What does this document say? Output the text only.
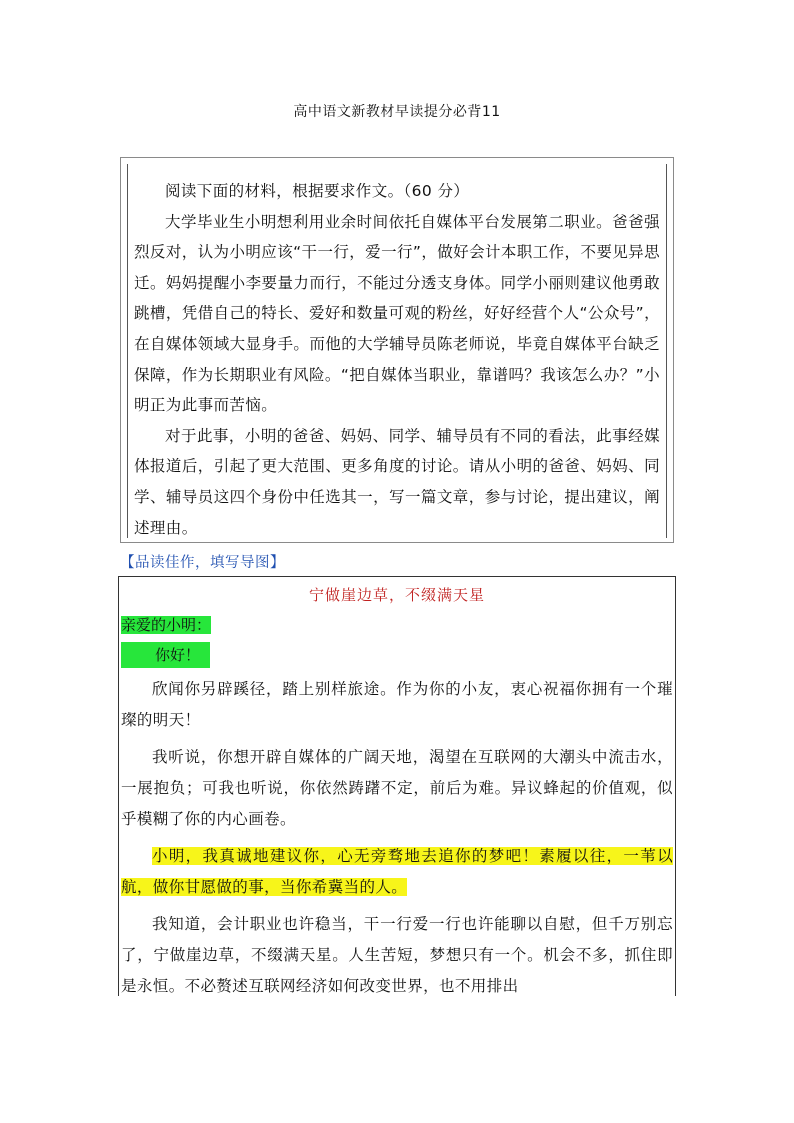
高中语文新教材早读提分必背11

阅读下面的材料，根据要求作文。（60 分）

大学毕业生小明想利用业余时间依托自媒体平台发展第二职业。爸爸强烈反对，认为小明应该“干一行，爱一行”，做好会计本职工作，不要见异思迁。妈妈提醒小李要量力而行，不能过分透支身体。同学小丽则建议他勇敢跳槽，凭借自己的特长、爱好和数量可观的粉丝，好好经营个人“公众号”，在自媒体领域大显身手。而他的大学辅导员陈老师说，毕竟自媒体平台缺乏保障，作为长期职业有风险。“把自媒体当职业，靠谱吗？我该怎么办？”小明正为此事而苦恼。

对于此事，小明的爸爸、妈妈、同学、辅导员有不同的看法，此事经媒体报道后，引起了更大范围、更多角度的讨论。请从小明的爸爸、妈妈、同学、辅导员这四个身份中任选其一，写一篇文章，参与讨论，提出建议，阐述理由。

【品读佳作，填写导图】
宁做崖边草，不缀满天星
亲爱的小明：
你好！

欣闻你另辟蹊径，踏上别样旅途。作为你的小友，衷心祝福你拥有一个璀璨的明天！

我听说，你想开辟自媒体的广阔天地，渴望在互联网的大潮头中流击水，一展抱负；可我也听说，你依然踌躇不定，前后为难。异议蜂起的价值观，似乎模糊了你的内心画卷。

小明，我真诚地建议你，心无旁骛地去追你的梦吧！素履以往，一苇以航，做你甘愿做的事，当你希冀当的人。

我知道，会计职业也许稳当，干一行爱一行也许能聊以自慰，但千万别忘了，宁做崖边草，不缀满天星。人生苦短，梦想只有一个。机会不多，抓住即是永恒。不必赘述互联网经济如何改变世界，也不用排出
